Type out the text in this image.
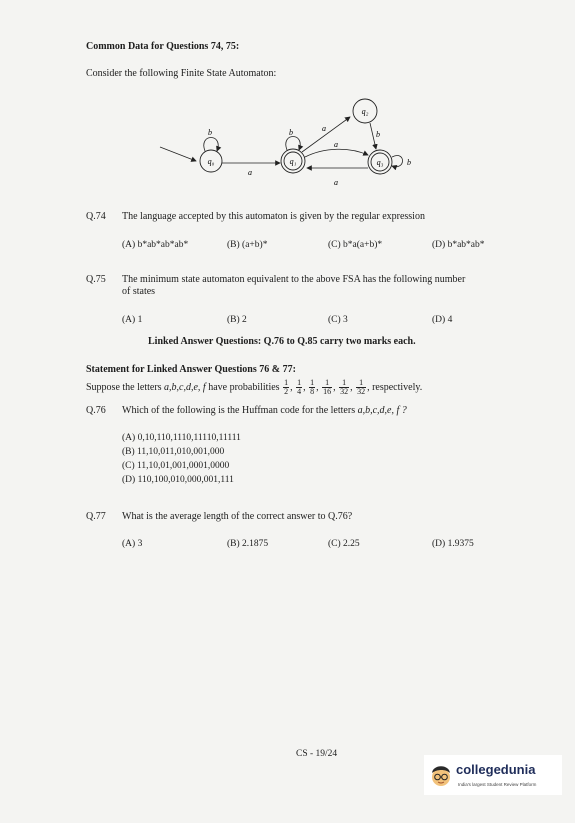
Common Data for Questions 74, 75:
Consider the following Finite State Automaton:
q₀
b
a
q₁
b	a
q₂
b
a
a
q₃	b
Q.74 The language accepted by this automaton is given by the regular expression
(A) b*ab*ab*ab*	(B) (a+b)*	(C) b*a(a+b)*	(D) b*ab*ab*
Q.75 The minimum state automaton equivalent to the above FSA has the following number
of states
(A) 1	(B) 2	(C) 3	(D) 4
Linked Answer Questions: Q.76 to Q.85 carry two marks each.
Statement for Linked Answer Questions 76 & 77:
Suppose the letters a,b,c,d,e, f have probabilities $\frac{1}{2}$ , $\frac{1}{4}$ , $\frac{1}{8}$ , $\frac{1}{16}$ , $\frac{1}{32}$ , $\frac{1}{32}$ , respectively.
Q.76 Which of the following is the Huffman code for the letters a,b,c,d,e, f ?
(A) 0,10,110,1110,11110,11111
(B) 11,10,011,010,001,000
(C) 11,10,01,001,0001,0000
(D) 110,100,010,000,001,111
Q.77 What is the average length of the correct answer to Q.76?
(A) 3	(B) 2.1875	(C) 2.25	(D) 1.9375
CS - 19/24
collegedunia
India's largest Student Review Platform
